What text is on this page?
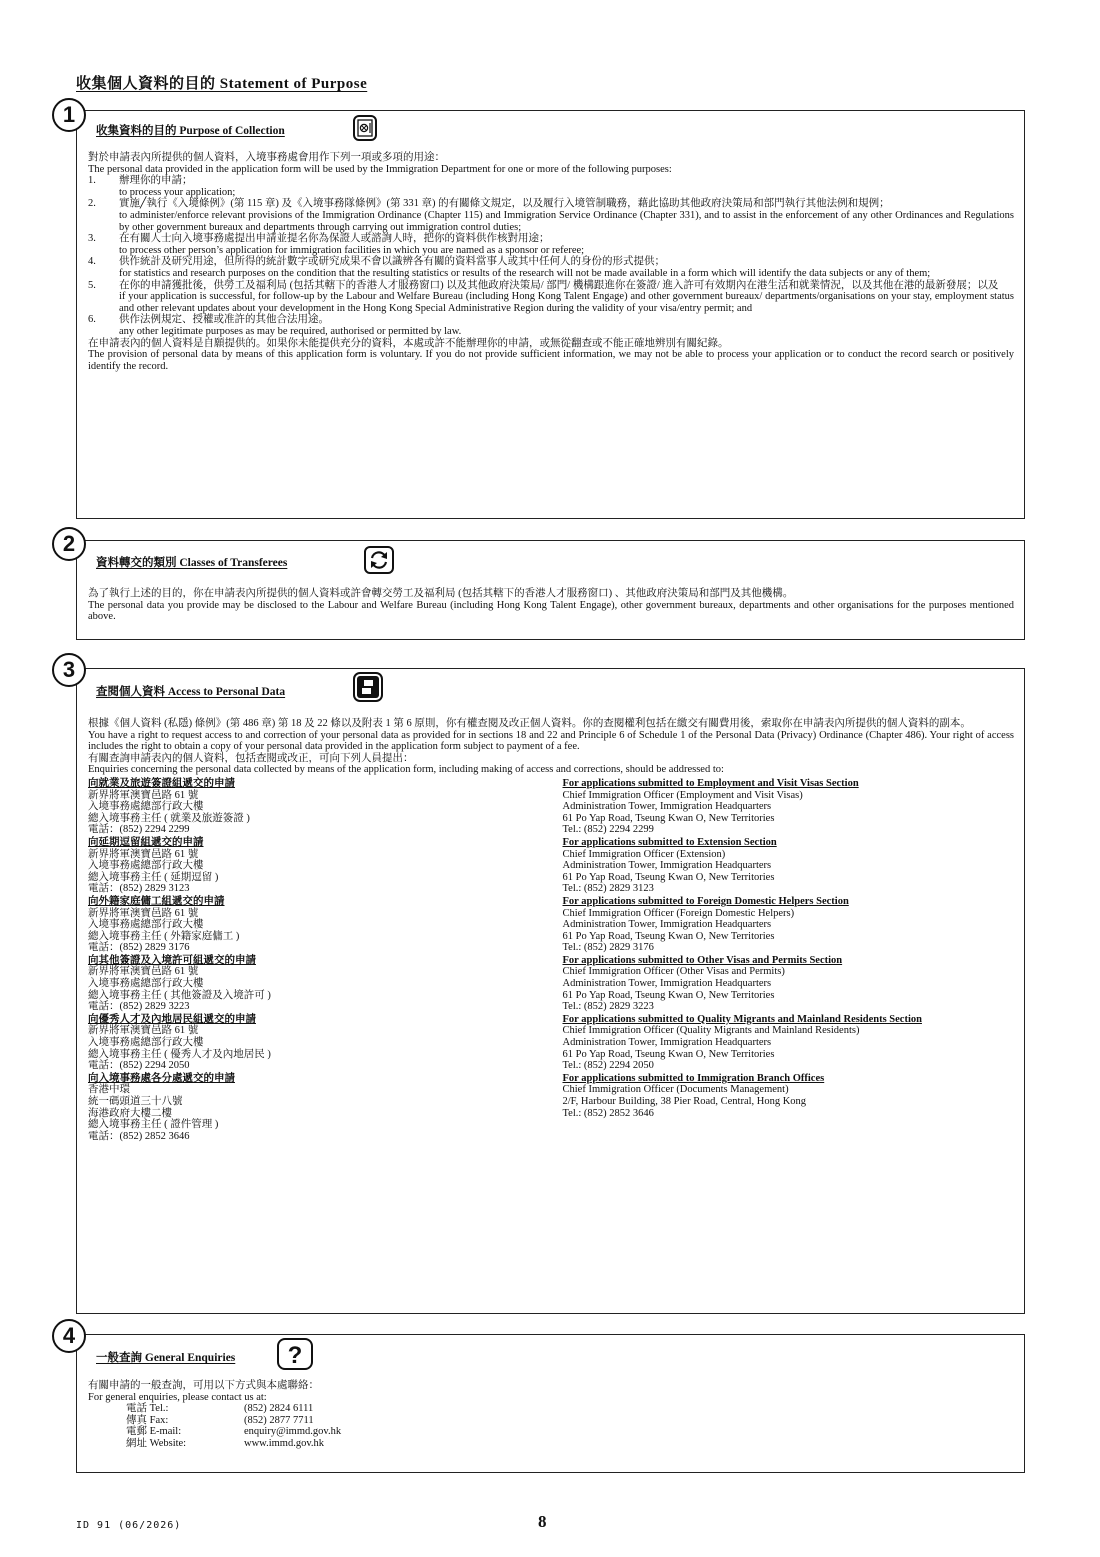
收集個人資料的目的 Statement of Purpose
1
收集資料的目的 Purpose of Collection

對於申請表內所提供的個人資料，入境事務處會用作下列一項或多項的用途：

The personal data provided in the application form will be used by the Immigration Department for one or more of the following purposes:

1.	辦理你的申請；
to process your application;
2.	實施╱執行《入境條例》(第 115 章) 及《入境事務隊條例》(第 331 章) 的有關條文規定，以及履行入境管制職務，藉此協助其他政府決策局和部門執行其他法例和規例；
to administer/enforce relevant provisions of the Immigration Ordinance (Chapter 115) and Immigration Service Ordinance (Chapter 331), and to assist in the enforcement of any other Ordinances and Regulations by other government bureaux and departments through carrying out immigration control duties;
3.	在有關人士向入境事務處提出申請並提名你為保證人或諮詢人時，把你的資料供作核對用途；
to process other person’s application for immigration facilities in which you are named as a sponsor or referee;
4.	供作統計及研究用途，但所得的統計數字或研究成果不會以識辨各有關的資料當事人或其中任何人的身份的形式提供；
for statistics and research purposes on the condition that the resulting statistics or results of the research will not be made available in a form which will identify the data subjects or any of them;
5.	在你的申請獲批後，供勞工及福利局 (包括其轄下的香港人才服務窗口) 以及其他政府決策局/ 部門/ 機構跟進你在簽證/ 進入許可有效期內在港生活和就業情況，以及其他在港的最新發展；以及
if your application is successful, for follow-up by the Labour and Welfare Bureau (including Hong Kong Talent Engage) and other government bureaux/ departments/organisations on your stay, employment status and other relevant updates about your development in the Hong Kong Special Administrative Region during the validity of your visa/entry permit; and
6.	供作法例規定、授權或准許的其他合法用途。
any other legitimate purposes as may be required, authorised or permitted by law.

在申請表內的個人資料是自願提供的。如果你未能提供充分的資料，本處或許不能辦理你的申請，或無從翻查或不能正確地辨別有關紀錄。

The provision of personal data by means of this application form is voluntary. If you do not provide sufficient information, we may not be able to process your application or to conduct the record search or positively identify the record.

2
資料轉交的類別 Classes of Transferees

為了執行上述的目的，你在申請表內所提供的個人資料或許會轉交勞工及福利局 (包括其轄下的香港人才服務窗口) 、其他政府決策局和部門及其他機構。

The personal data you provide may be disclosed to the Labour and Welfare Bureau (including Hong Kong Talent Engage), other government bureaux, departments and other organisations for the purposes mentioned above.

3
查閱個人資料 Access to Personal Data

根據《個人資料 (私隱) 條例》(第 486 章) 第 18 及 22 條以及附表 1 第 6 原則，你有權查閱及改正個人資料。你的查閱權利包括在繳交有關費用後，索取你在申請表內所提供的個人資料的副本。

You have a right to request access to and correction of your personal data as provided for in sections 18 and 22 and Principle 6 of Schedule 1 of the Personal Data (Privacy) Ordinance (Chapter 486). Your right of access includes the right to obtain a copy of your personal data provided in the application form subject to payment of a fee.

有關查詢申請表內的個人資料，包括查閱或改正，可向下列人員提出：

Enquiries concerning the personal data collected by means of the application form, including making of access and corrections, should be addressed to:

向就業及旅遊簽證組遞交的申請
新界將軍澳寶邑路 61 號
入境事務處總部行政大樓
總入境事務主任 ( 就業及旅遊簽證 )
電話：(852) 2294 2299
向延期逗留組遞交的申請
新界將軍澳寶邑路 61 號
入境事務處總部行政大樓
總入境事務主任 ( 延期逗留 )
電話：(852) 2829 3123
向外籍家庭傭工組遞交的申請
新界將軍澳寶邑路 61 號
入境事務處總部行政大樓
總入境事務主任 ( 外籍家庭傭工 )
電話：(852) 2829 3176
向其他簽證及入境許可組遞交的申請
新界將軍澳寶邑路 61 號
入境事務處總部行政大樓
總入境事務主任 ( 其他簽證及入境許可 )
電話：(852) 2829 3223
向優秀人才及內地居民組遞交的申請
新界將軍澳寶邑路 61 號
入境事務處總部行政大樓
總入境事務主任 ( 優秀人才及內地居民 )
電話：(852) 2294 2050
向入境事務處各分處遞交的申請
香港中環
統一碼頭道三十八號
海港政府大樓二樓
總入境事務主任 ( 證件管理 )
電話：(852) 2852 3646
For applications submitted to Employment and Visit Visas Section
Chief Immigration Officer (Employment and Visit Visas)
Administration Tower, Immigration Headquarters
61 Po Yap Road, Tseung Kwan O, New Territories
Tel.: (852) 2294 2299
For applications submitted to Extension Section
Chief Immigration Officer (Extension)
Administration Tower, Immigration Headquarters
61 Po Yap Road, Tseung Kwan O, New Territories
Tel.: (852) 2829 3123
For applications submitted to Foreign Domestic Helpers Section
Chief Immigration Officer (Foreign Domestic Helpers)
Administration Tower, Immigration Headquarters
61 Po Yap Road, Tseung Kwan O, New Territories
Tel.: (852) 2829 3176
For applications submitted to Other Visas and Permits Section
Chief Immigration Officer (Other Visas and Permits)
Administration Tower, Immigration Headquarters
61 Po Yap Road, Tseung Kwan O, New Territories
Tel.: (852) 2829 3223
For applications submitted to Quality Migrants and Mainland Residents Section
Chief Immigration Officer (Quality Migrants and Mainland Residents)
Administration Tower, Immigration Headquarters
61 Po Yap Road, Tseung Kwan O, New Territories
Tel.: (852) 2294 2050
For applications submitted to Immigration Branch Offices
Chief Immigration Officer (Documents Management)
2/F, Harbour Building, 38 Pier Road, Central, Hong Kong
Tel.: (852) 2852 3646
4
一般查詢 General Enquiries ?

有關申請的一般查詢，可用以下方式與本處聯絡：

For general enquiries, please contact us at:

電話 Tel.:	(852) 2824 6111
傳真 Fax:	(852) 2877 7711
電郵 E-mail:	enquiry@immd.gov.hk
網址 Website:	www.immd.gov.hk
ID 91 (06/2026)	8
